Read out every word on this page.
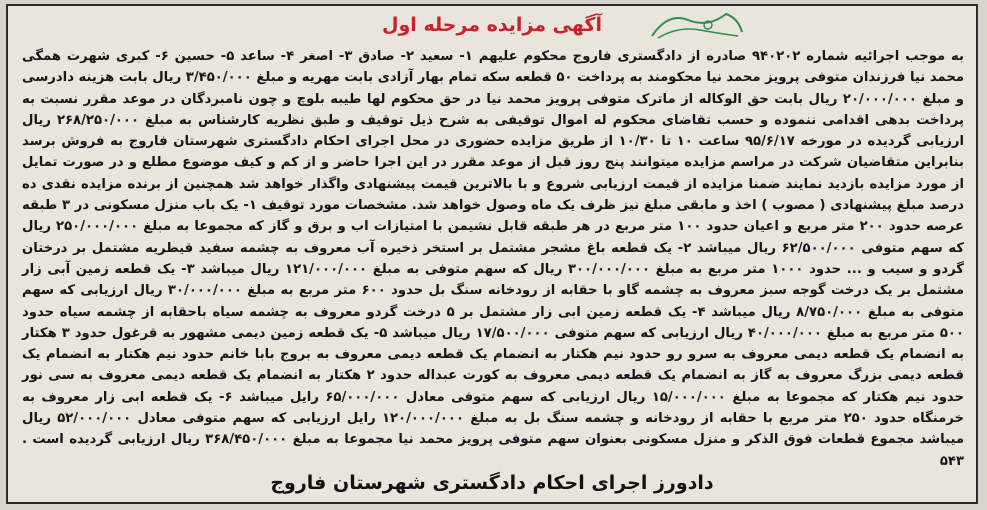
آگهی مزایده مرحله اول
به موجب اجرائیه شماره ۹۴۰۲۰۲ صادره از دادگستری فاروج محکوم علیهم ۱- سعید ۲- صادق ۳- اصغر ۴- ساعد ۵- حسین ۶- کبری شهرت همگی محمد نیا فرزندان متوفی پرویز محمد نیا محکومند به پرداخت ۵۰ قطعه سکه تمام بهار آزادی بابت مهریه و مبلغ ۳/۴۵۰/۰۰۰ ریال بابت هزینه دادرسی و مبلغ ۲۰/۰۰۰/۰۰۰ ریال بابت حق الوکاله از ماترک متوفی پرویز محمد نیا در حق محکوم لها طیبه بلوچ و چون نامبردگان در موعد مقرر نسبت به پرداخت بدهی اقدامی ننموده و حسب تقاضای محکوم له اموال توقیفی به شرح ذیل توقیف و طبق نظریه کارشناس به مبلغ ۲۶۸/۲۵۰/۰۰۰ ریال ارزیابی گردیده در مورخه ۹۵/۶/۱۷ ساعت ۱۰ تا ۱۰/۳۰ از طریق مزایده حضوری در محل اجرای احکام دادگستری شهرستان فاروج به فروش برسد بنابراین متقاضیان شرکت در مراسم مزایده میتوانند پنج روز قبل از موعد مقرر در این اجرا حاضر و از کم و کیف موضوع مطلع و در صورت تمایل از مورد مزایده بازدید نمایند ضمنا مزایده از قیمت ارزیابی شروع و با بالاترین قیمت پیشنهادی واگذار خواهد شد همچنین از برنده مزایده نقدی ده درصد مبلغ پیشنهادی ( مصوب ) اخذ و مابقی مبلغ نیز ظرف یک ماه وصول خواهد شد. مشخصات مورد توقیف ۱- یک باب منزل مسکونی در ۳ طبقه عرصه حدود ۲۰۰ متر مربع و اعیان حدود ۱۰۰ متر مربع در هر طبقه قابل نشیمن با امتیازات اب و برق و گاز که مجموعا به مبلغ ۲۵۰/۰۰۰/۰۰۰ ریال که سهم متوفی ۶۲/۵۰۰/۰۰۰ ریال میباشد ۲- یک قطعه باغ مشجر مشتمل بر استخر ذخیره آب معروف به چشمه سفید قیطریه مشتمل بر درختان گردو و سیب و ... حدود ۱۰۰۰ متر مربع به مبلغ ۳۰۰/۰۰۰/۰۰۰ ریال که سهم متوفی به مبلغ ۱۲۱/۰۰۰/۰۰۰ ریال میباشد ۳- یک قطعه زمین آبی زار مشتمل بر یک درخت گوجه سبز معروف به چشمه گاو با حقابه از رودخانه سنگ بل حدود ۶۰۰ متر مربع به مبلغ ۳۰/۰۰۰/۰۰۰ ریال ارزیابی که سهم متوفی به مبلغ ۸/۷۵۰/۰۰۰ ریال میباشد ۴- یک قطعه زمین ابی زار مشتمل بر ۵ درخت گردو معروف به چشمه سیاه باحقابه از چشمه سیاه حدود ۵۰۰ متر مربع به مبلغ ۴۰/۰۰۰/۰۰۰ ریال ارزیابی که سهم متوفی ۱۷/۵۰۰/۰۰۰ ریال میباشد ۵- یک قطعه زمین دیمی مشهور به قرغول حدود ۳ هکتار به انضمام یک قطعه دیمی معروف به سرو رو حدود نیم هکتار به انضمام یک قطعه دیمی معروف به بروج بابا خانم حدود نیم هکتار به انضمام یک قطعه دیمی بزرگ معروف به گاز به انضمام یک قطعه دیمی معروف به کورت عبداله حدود ۲ هکتار به انضمام یک قطعه دیمی معروف به سی نور حدود نیم هکتار که مجموعا به مبلغ ۱۵/۰۰۰/۰۰۰ ریال ارزیابی که سهم متوفی معادل ۶۵/۰۰۰/۰۰۰ رایل میباشد ۶- یک قطعه ابی زار معروف به خرمنگاه حدود ۲۵۰ متر مربع با حقابه از رودخانه و چشمه سنگ بل به مبلغ ۱۲۰/۰۰۰/۰۰۰ رایل ارزیابی که سهم متوفی معادل ۵۲/۰۰۰/۰۰۰ ریال میباشد مجموع قطعات فوق الذکر و منزل مسکونی بعنوان سهم متوفی پرویز محمد نیا مجموعا به مبلغ ۳۶۸/۴۵۰/۰۰۰ ریال ارزیابی گردیده است . ۵۴۳
دادورز اجرای احکام دادگستری شهرستان فاروج
